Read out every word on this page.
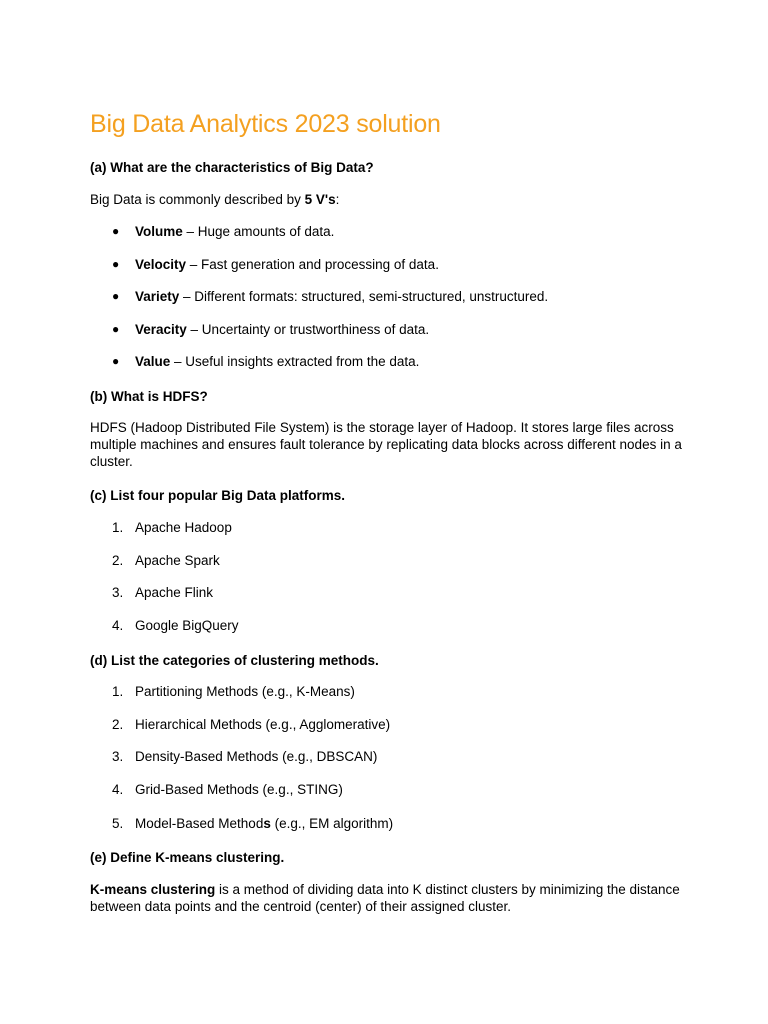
Big Data Analytics 2023 solution

(a) What are the characteristics of Big Data?

Big Data is commonly described by 5 V's:

● Volume – Huge amounts of data.
● Velocity – Fast generation and processing of data.
● Variety – Different formats: structured, semi-structured, unstructured.
● Veracity – Uncertainty or trustworthiness of data.
● Value – Useful insights extracted from the data.

(b) What is HDFS?

HDFS (Hadoop Distributed File System) is the storage layer of Hadoop. It stores large files across multiple machines and ensures fault tolerance by replicating data blocks across different nodes in a cluster.

(c) List four popular Big Data platforms.

1. Apache Hadoop
2. Apache Spark
3. Apache Flink
4. Google BigQuery

(d) List the categories of clustering methods.

1. Partitioning Methods (e.g., K-Means)
2. Hierarchical Methods (e.g., Agglomerative)
3. Density-Based Methods (e.g., DBSCAN)
4. Grid-Based Methods (e.g., STING)
5. Model-Based Methods (e.g., EM algorithm)

(e) Define K-means clustering.

K-means clustering is a method of dividing data into K distinct clusters by minimizing the distance between data points and the centroid (center) of their assigned cluster.
